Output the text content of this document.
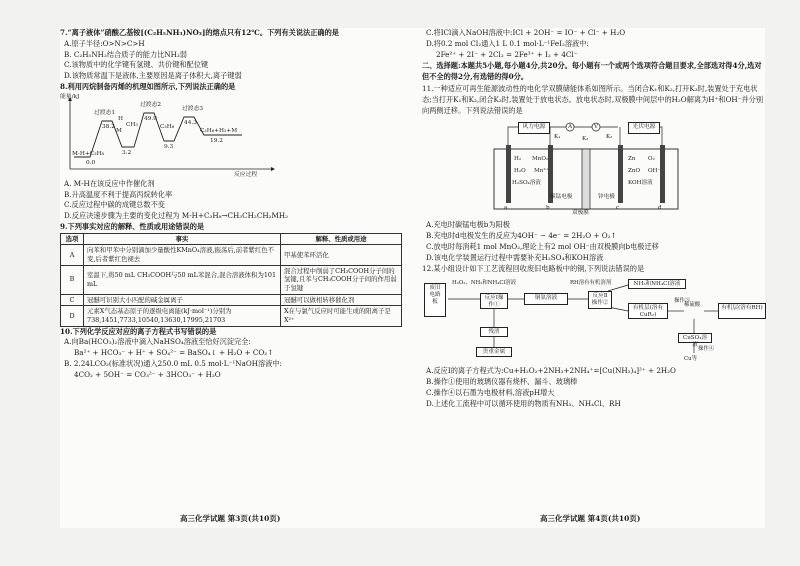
7.“离子液体”硝酸乙基铵[(C₂H₅NH₃)NO₃]的熔点只有12℃。下列有关说法正确的是

A.原子半径:O>N>C>H

B. C₂H₅NH₂结合质子的能力比NH₃弱

C.该物质中的化学键有氢键、共价键和配位键

D.该物质常温下是液体,主要原因是离子体积大,离子键弱

8.利用丙烷制备丙烯的机理如图所示,下列说法正确的是

能量/kJ
反应过程
M-H+C₃H₈
0.0
过渡态1
38.2
3.2
过渡态2
49.0
9.3
过渡态3
44.3
C₃H₆
C₃H₆+H₂+M
19.2
H
M
CH₃

A. M-H在该反应中作催化剂

B.升高温度不利于提高丙烷转化率

C.反应过程中碳的成键总数不变

D.反应决速步骤为主要的变化过程为 M-H+C₃H₈→CH₃CH₂CH₂MH₂

9.下列事实対应的解释、性质或用途错误的是

选项	事实	解释、性质或用途
A	向苯和甲苯中分别滴加少量酸性KMnO₄溶液,振荡后,前者紫红色不变,后者紫红色褪去	甲基使苯环活化
B	室温下,将50 mL CH₃COOH与50 mL苯混合,混合溶液体积为101 mL	混合过程中削弱了CH₃COOH分子间的氢键,且苯与CH₃COOH分子间的作用弱于氢键
C	冠醚可识别大小匹配的碱金属离子	冠醚可以做相转移催化剂
D	元素X气态基态原子的逐级电离能(kJ·mol⁻¹)分别为738,1451,7733,10540,13630,17995,21703	X在与氯气反应时可能生成的阳离子是X²⁺

10.下列化学反应对应的离子方程式书写错误的是

A.向Ba(HCO₃)₂溶液中滴入NaHSO₄溶液至恰好沉淀完全:

Ba²⁺ + HCO₃⁻ + H⁺ + SO₄²⁻ = BaSO₄↓ + H₂O + CO₂↑

B. 2.24LCO₂(标准状况)通入250.0 mL 0.5 mol·L⁻¹NaOH溶液中:

4CO₂ + 5OH⁻ = CO₃²⁻ + 3HCO₃⁻ + H₂O

高三化学试题 第3页(共10页)

C.将ICl滴入NaOH溶液中:ICl + 2OH⁻ = IO⁻ + Cl⁻ + H₂O

D.将0.2 mol Cl₂通入1 L 0.1 mol·L⁻¹FeI₂溶液中:

2Fe²⁺ + 2I⁻ + 2Cl₂ = 2Fe³⁺ + I₂ + 4Cl⁻

二、选择题:本题共5小题,每小题4分,共20分。每小题有一个或两个选项符合题目要求,全部选对得4分,选对但不全的得2分,有选错的得0分。

11.一种适应可再生能源波动性的电化学双膜储能体系如图所示。当闭合K₁和K₂,打开K₃时,装置处于充电状态;当打开K₁和K₂,闭合K₃时,装置处于放电状态。放电状态时,双极膜中间层中的H₂O解离为H⁺和OH⁻并分别向两侧迁移。下列说法错误的是

风力电源	光伏电源
A	V
K₁	K₂
K₃
H₂ MnO₂
H₂O Mn²⁺
H₂SO₄溶液
Zn O₂
ZnO OH⁻
KOH溶液
a	b	c	d
碳锰电极	锌电极
双极膜

A.充电时碳锰电极b为阳极

B.充电时d电极发生的反应为4OH⁻ − 4e⁻ = 2H₂O + O₂↑

C.放电时每消耗1 mol MnO₂,理论上有2 mol OH⁻由双极膜向b电极迁移

D.该电化学装置运行过程中需要补充H₂SO₄和KOH溶液

12.某小组设计如下工艺流程回收废旧电路板中的铜,下列说法错误的是

废旧电路板
H₂O₂、NH₃和NH₄Cl溶液
反应Ⅰ操作①
铜氨溶液
残渣
贵重金属
RH溶有有机溶剂
反应Ⅱ操作②
NH₃和NH₄Cl溶液
有机层(溶有CuR₂)
操作③
稀硫酸	有机层(溶有RH)
CuSO₄溶液
操作④
Cu等

A.反应Ⅰ的离子方程式为:Cu+H₂O₂+2NH₃+2NH₄⁺=[Cu(NH₃)₄]²⁺ + 2H₂O

B.操作①使用的玻璃仪器有烧杯、漏斗、玻璃棒

C.操作④以石墨为电极材料,溶液pH增大

D.上述化工流程中可以循环使用的物质有NH₃、NH₄Cl、RH

高三化学试题 第4页(共10页)
